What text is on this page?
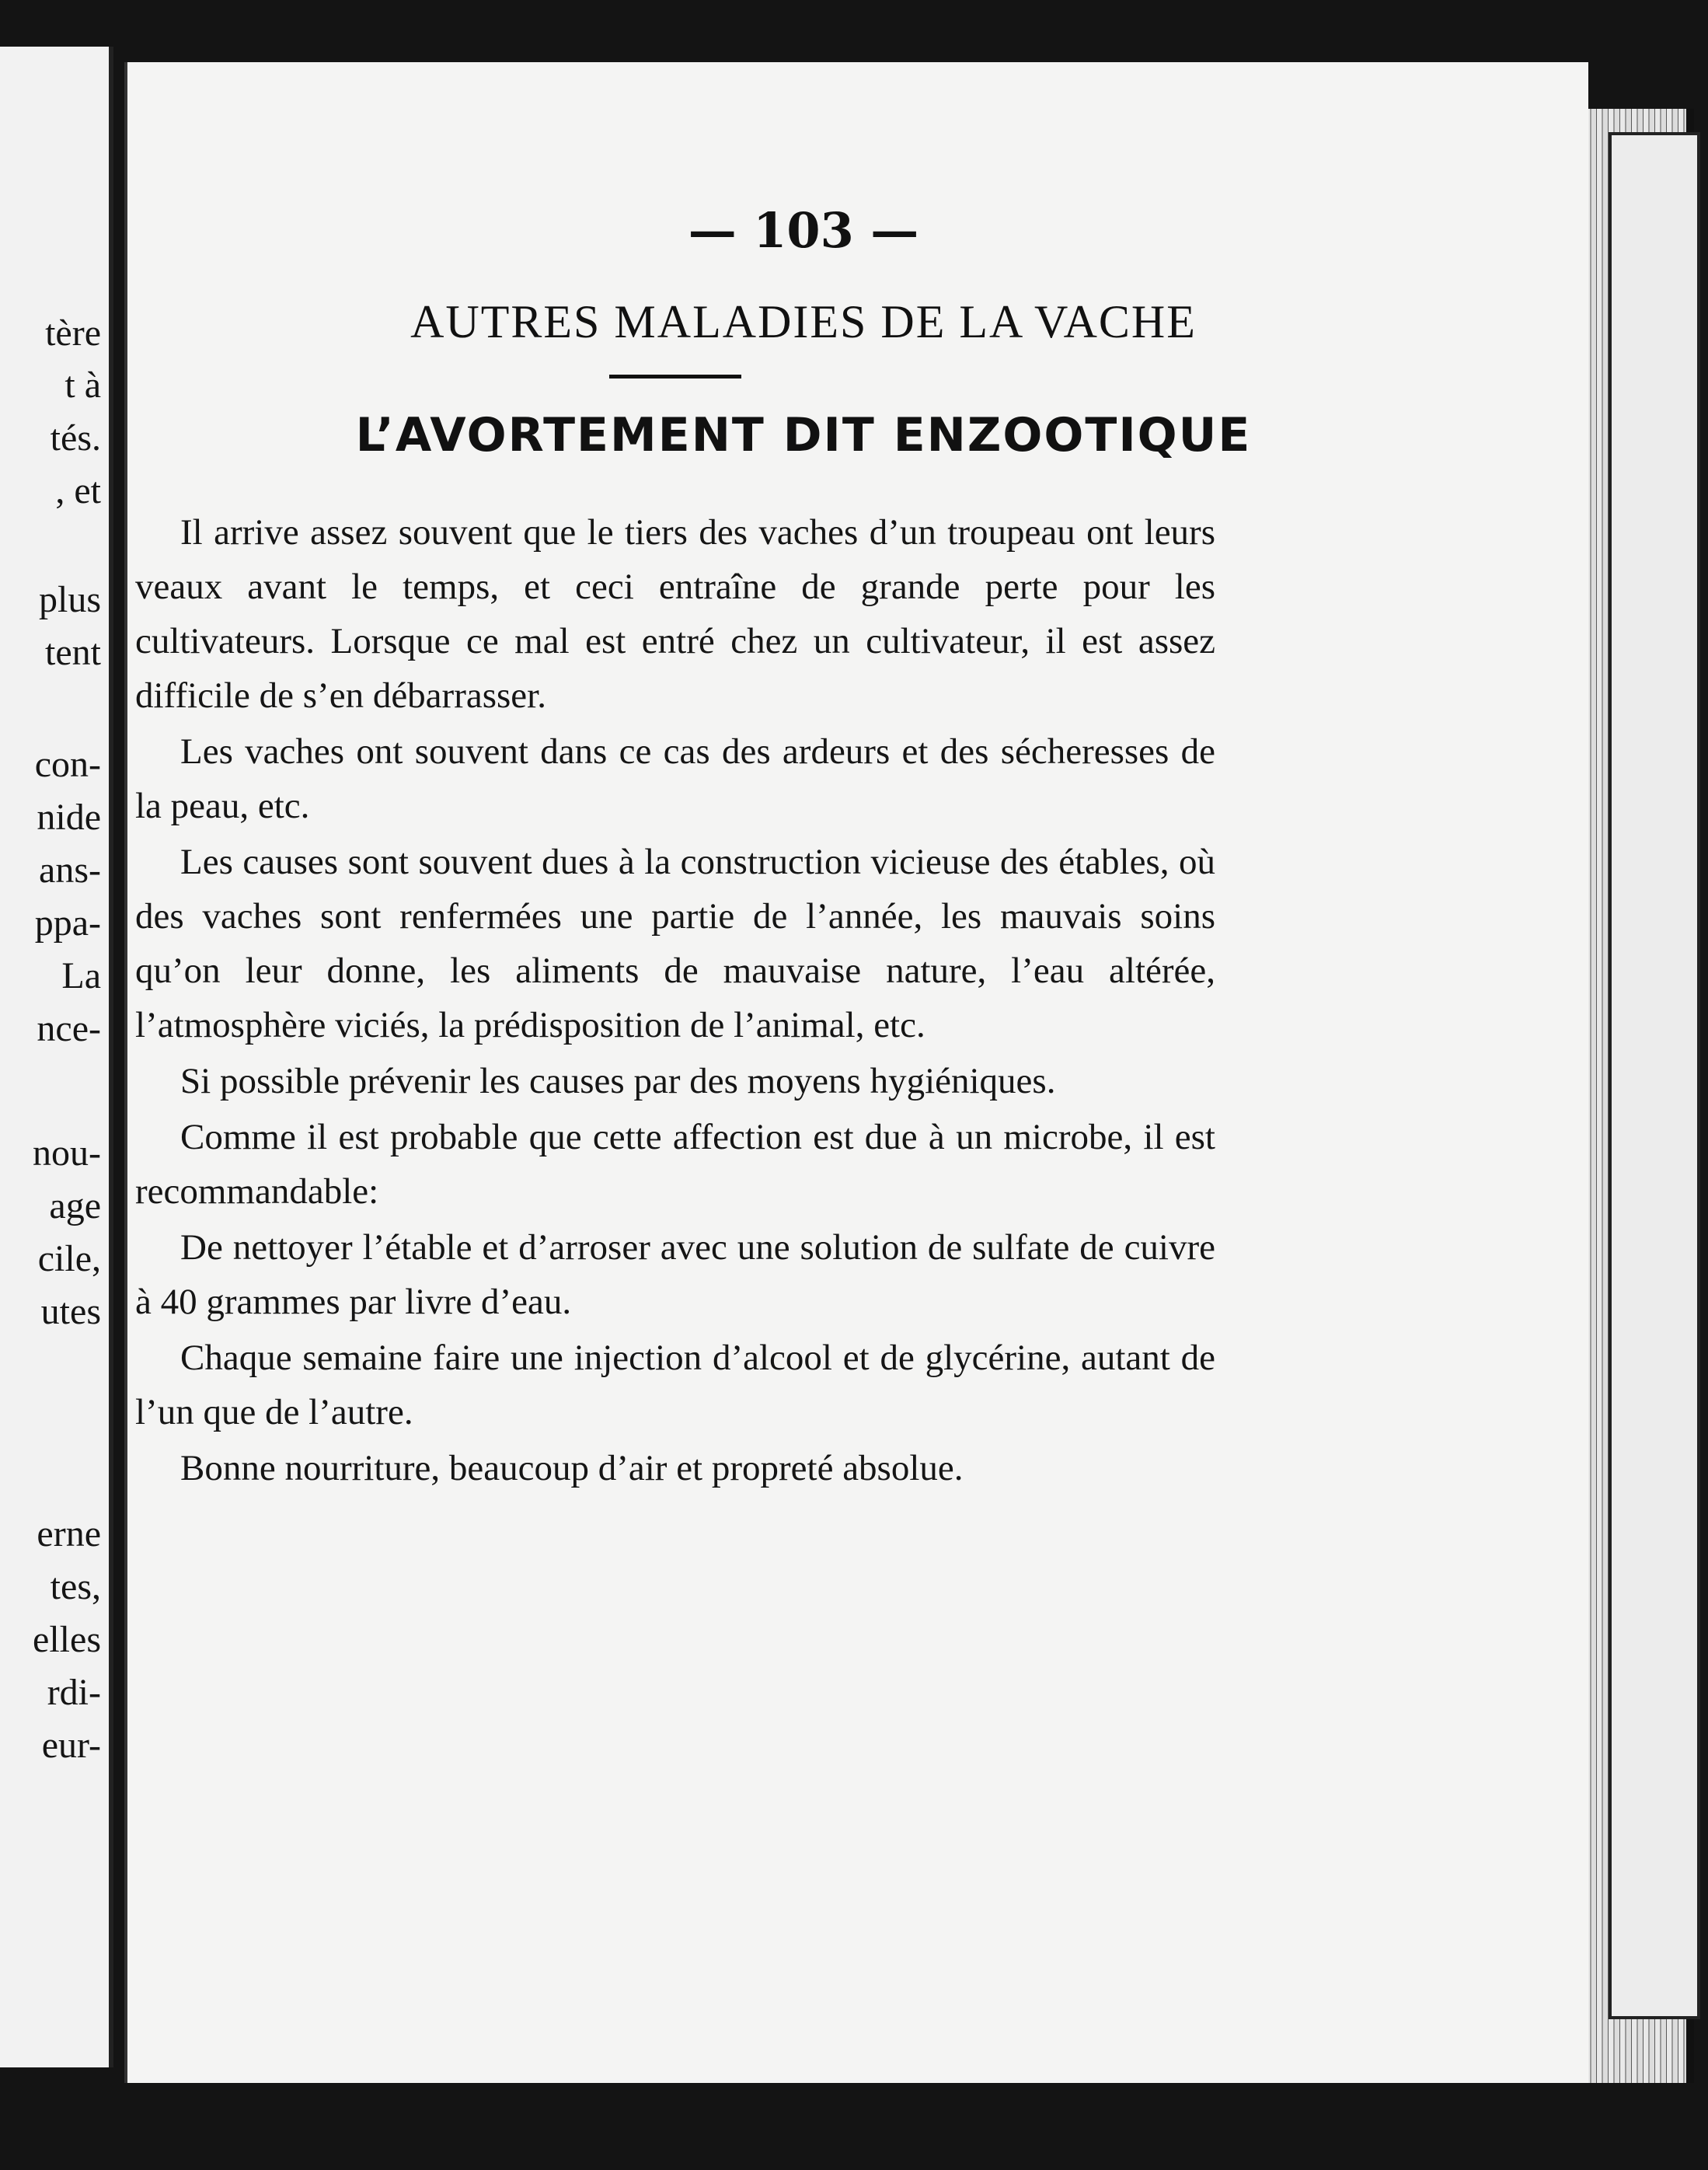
tère
t à
tés.
, et
plus
tent
con-
nide
ans-
ppa-
La
nce-
nou-
age
cile,
utes
erne
tes,
elles
rdi-
eur-
— 103 —
AUTRES MALADIES DE LA VACHE
L’AVORTEMENT DIT ENZOOTIQUE

Il arrive assez souvent que le tiers des vaches d’un troupeau ont leurs veaux avant le temps, et ceci entraîne de grande perte pour les cultivateurs. Lorsque ce mal est entré chez un cultivateur, il est assez difficile de s’en débarrasser.

Les vaches ont souvent dans ce cas des ardeurs et des sécheresses de la peau, etc.

Les causes sont souvent dues à la construction vicieuse des étables, où des vaches sont renfermées une partie de l’année, les mauvais soins qu’on leur donne, les aliments de mauvaise nature, l’eau altérée, l’atmosphère viciés, la prédisposition de l’animal, etc.

Si possible prévenir les causes par des moyens hygiéniques.

Comme il est probable que cette affection est due à un microbe, il est recommandable:

De nettoyer l’étable et d’arroser avec une solution de sulfate de cuivre à 40 grammes par livre d’eau.

Chaque semaine faire une injection d’alcool et de glycérine, autant de l’un que de l’autre.

Bonne nourriture, beaucoup d’air et propreté absolue.
